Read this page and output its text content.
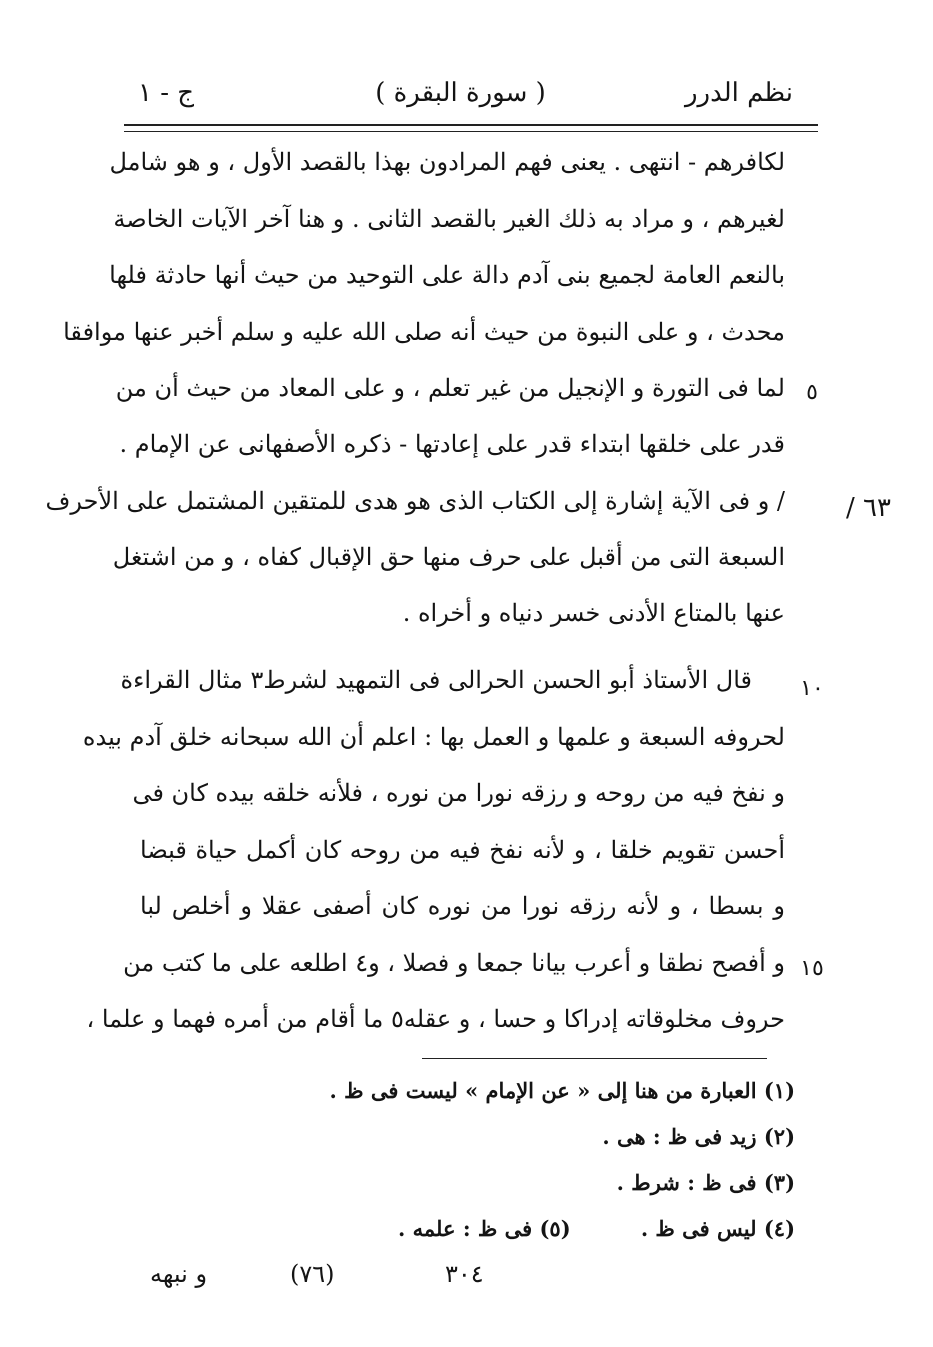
نظم الدرر
( سورة البقرة )
ج - ١
/ ٦٣
لكافرهم - انتهى . يعنى فهم المرادون بهذا بالقصد الأول ، و هو شامل
لغيرهم ، و مراد به ذلك الغير بالقصد الثانى . و هنا آخر الآيات الخاصة
بالنعم العامة لجميع بنى آدم دالة على التوحيد من حيث أنها حادثة فلها
محدث ، و على النبوة من حيث أنه صلى الله عليه و سلم أخبر عنها موافقا
لما فى التورة و الإنجيل من غير تعلم ، و على المعاد من حيث أن من
قدر على خلقها ابتداء قدر على إعادتها - ذكره الأصفهانى عن الإمام .
/ و فى الآية إشارة إلى الكتاب الذى هو هدى للمتقين المشتمل على الأحرف
السبعة التى من أقبل على حرف منها حق الإقبال كفاه ، و من اشتغل
عنها بالمتاع الأدنى خسر دنياه و أخراه .
قال الأستاذ أبو الحسن الحرالى فى التمهيد لشرط٣ مثال القراءة
لحروفه السبعة و علمها و العمل بها : اعلم أن الله سبحانه خلق آدم بيده
و نفخ فيه من روحه و رزقه نورا من نوره ، فلأنه خلقه بيده كان فى
أحسن تقويم خلقا ، و لأنه نفخ فيه من روحه كان أكمل حياة قبضا
و بسطا ، و لأنه رزقه نورا من نوره كان أصفى عقلا و أخلص لبا
و أفصح نطقا و أعرب بيانا جمعا و فصلا ، و٤ اطلعه على ما كتب من
حروف مخلوقاته إدراكا و حسا ، و عقله٥ ما أقام من أمره فهما و علما ،
٥
١٠
١٥
(١) العبارة من هنا إلى « عن الإمام » ليست فى ظ .
(٢) زيد فى ظ : هى .
(٣) فى ظ : شرط .
(٤) ليس فى ظ .
(٥) فى ظ : علمه .
و نبهه	(٧٦)	٣٠٤
